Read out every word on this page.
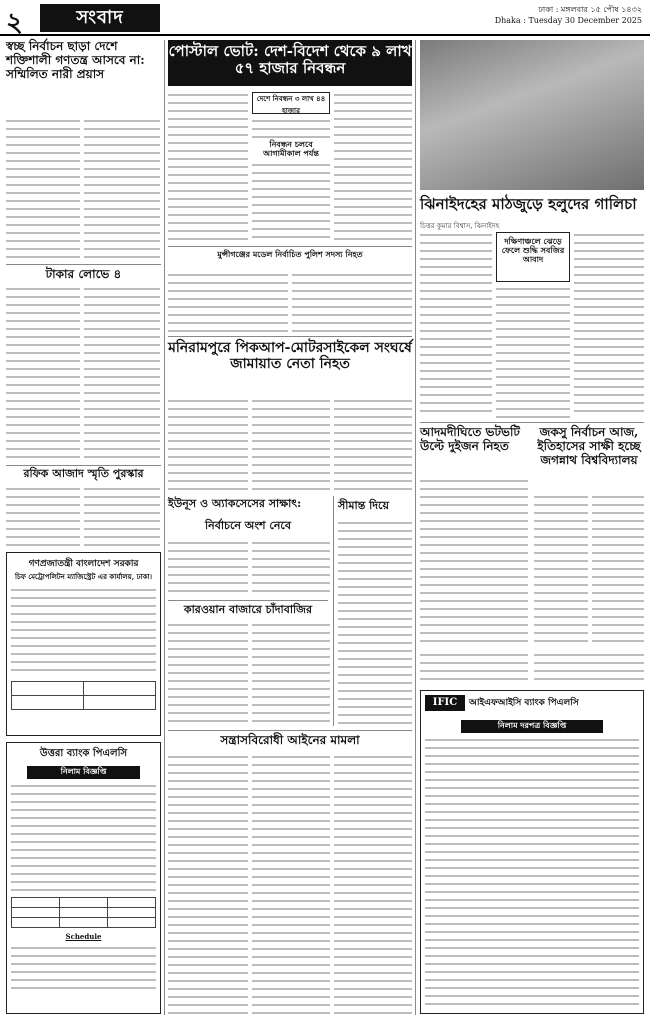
২	সংবাদ	ঢাকা : মঙ্গলবার ১৫ পৌষ ১৪৩২
Dhaka : Tuesday 30 December 2025
স্বচ্ছ নির্বাচন ছাড়া দেশে শক্তিশালী গণতন্ত্র আসবে না: সম্মিলিত নারী প্রয়াস
টাকার লোভে ৪
রফিক আজাদ স্মৃতি পুরস্কার
গণপ্রজাতন্ত্রী বাংলাদেশ সরকার
চিফ মেট্রোপলিটন ম্যাজিস্ট্রেট এর কার্যালয়, ঢাকা।

উত্তরা ব্যাংক পিএলসি
নিলাম বিজ্ঞপ্তি

Schedule
পোস্টাল ভোট: দেশ-বিদেশ থেকে ৯ লাখ ৫৭ হাজার নিবন্ধন
দেশে নিবন্ধন ৩ লাখ ৪৪ হাজার
নিবন্ধন চলবে আগামীকাল পর্যন্ত
মুন্সীগঞ্জের মডেল নির্বাচিত পুলিশ সদস্য নিহত
মনিরামপুরে পিকআপ-মোটরসাইকেল সংঘর্ষে জামায়াত নেতা নিহত
ইউনূস ও অ্যাকসেসের সাক্ষাৎ:	সীমান্ত দিয়ে
নির্বাচনে অংশ নেবে
কারওয়ান বাজারে চাঁদাবাজির
সন্ত্রাসবিরোধী আইনের মামলা
ঝিনাইদহের মাঠজুড়ে হলুদের গালিচা
চিত্তর কুমার বিশ্বাস, ঝিনাইদহ
দক্ষিণাঞ্চলে ঝেড়ে ফেলে শুদ্ধি সবজির আবাদ
আদমদীঘিতে ভটভটি উল্টে দুইজন নিহত
জকসু নির্বাচন আজ, ইতিহাসের সাক্ষী হচ্ছে জগন্নাথ বিশ্ববিদ্যালয়
IFIC	আইএফআইসি ব্যাংক পিএলসি
নিলাম দরপত্র বিজ্ঞপ্তি
